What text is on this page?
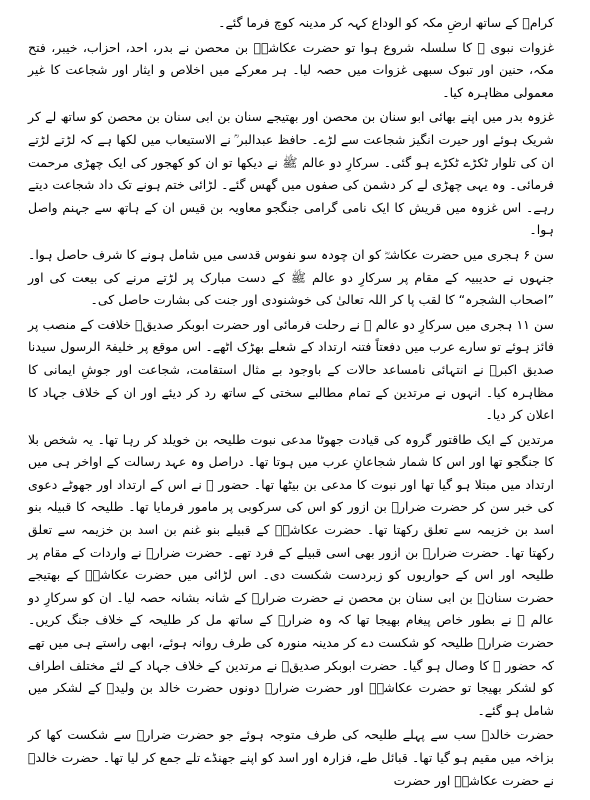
کرامؓ کے ساتھ ارضِ مکہ کو الوداع کہہ کر مدینہ کوچ فرما گئے۔

غزوات نبوی ﷺ کا سلسلہ شروع ہوا تو حضرت عکاشہؓ بن محصن نے بدر، احد، احزاب، خیبر، فتح مکہ، حنین اور تبوک سبھی غزوات میں حصہ لیا۔ ہر معرکے میں اخلاص و ایثار اور شجاعت کا غیر معمولی مظاہرہ کیا۔

غزوہ بدر میں اپنے بھائی ابو سنان بن محصن اور بھتیجے سنان بن ابی سنان بن محصن کو ساتھ لے کر شریک ہوئے اور حیرت انگیز شجاعت سے لڑے۔ حافظ عبدالبر ؒ نے الاستیعاب میں لکھا ہے کہ لڑتے لڑتے ان کی تلوار ٹکڑے ٹکڑے ہو گئی۔ سرکارِ دو عالم ﷺ نے دیکھا تو ان کو کھجور کی ایک چھڑی مرحمت فرمائی۔ وہ یہی چھڑی لے کر دشمن کی صفوں میں گھس گئے۔ لڑائی ختم ہونے تک داد شجاعت دیتے رہے۔ اس غزوہ میں قریش کا ایک نامی گرامی جنگجو معاویہ بن قیس ان کے ہاتھ سے جہنم واصل ہوا۔

سن ۶ ہجری میں حضرت عکاشہؓ کو ان چودہ سو نفوس قدسی میں شامل ہونے کا شرف حاصل ہوا۔ جنہوں نے حدیبیہ کے مقام پر سرکارِ دو عالم ﷺ کے دست مبارک پر لڑتے مرنے کی بیعت کی اور ”اصحاب الشجرہ“ کا لقب پا کر اللہ تعالیٰ کی خوشنودی اور جنت کی بشارت حاصل کی۔

سن ۱۱ ہجری میں سرکارِ دو عالم ﷺ نے رحلت فرمائی اور حضرت ابوبکر صدیقؓ خلافت کے منصب پر فائز ہوئے تو سارے عرب میں دفعتاً فتنہ ارتداد کے شعلے بھڑک اٹھے۔ اس موقع پر خلیفۃ الرسول سیدنا صدیق اکبرؓ نے انتہائی نامساعد حالات کے باوجود بے مثال استقامت، شجاعت اور جوشِ ایمانی کا مظاہرہ کیا۔ انہوں نے مرتدین کے تمام مطالبے سختی کے ساتھ رد کر دیئے اور ان کے خلاف جہاد کا اعلان کر دیا۔

مرتدین کے ایک طاقتور گروہ کی قیادت جھوٹا مدعی نبوت طلیحہ بن خویلد کر رہا تھا۔ یہ شخص بلا کا جنگجو تھا اور اس کا شمار شجاعانِ عرب میں ہوتا تھا۔ دراصل وہ عہد رسالت کے اواخر ہی میں ارتداد میں مبتلا ہو گیا تھا اور نبوت کا مدعی بن بیٹھا تھا۔ حضور ﷺ نے اس کے ارتداد اور جھوٹے دعوی کی خبر سن کر حضرت ضرارؓ بن ازور کو اس کی سرکوبی پر مامور فرمایا تھا۔ طلیحہ کا قبیلہ بنو اسد بن خزیمہ سے تعلق رکھتا تھا۔ حضرت عکاشہؓ کے قبیلے بنو غنم بن اسد بن خزیمہ سے تعلق رکھتا تھا۔ حضرت ضرارؓ بن ازور بھی اسی قبیلے کے فرد تھے۔ حضرت ضرارؓ نے واردات کے مقام پر طلیحہ اور اس کے حواریوں کو زبردست شکست دی۔ اس لڑائی میں حضرت عکاشہؓ کے بھتیجے حضرت سنانؓ بن ابی سنان بن محصن نے حضرت ضرارؓ کے شانہ بشانہ حصہ لیا۔ ان کو سرکارِ دو عالم ﷺ نے بطور خاص پیغام بھیجا تھا کہ وہ ضرارؓ کے ساتھ مل کر طلیحہ کے خلاف جنگ کریں۔ حضرت ضرارؓ طلیحہ کو شکست دے کر مدینہ منورہ کی طرف روانہ ہوئے، ابھی راستے ہی میں تھے کہ حضور ﷺ کا وصال ہو گیا۔ حضرت ابوبکر صدیقؓ نے مرتدین کے خلاف جہاد کے لئے مختلف اطراف کو لشکر بھیجا تو حضرت عکاشہؓ اور حضرت ضرارؓ دونوں حضرت خالد بن ولیدؓ کے لشکر میں شامل ہو گئے۔

حضرت خالدؓ سب سے پہلے طلیحہ کی طرف متوجہ ہوئے جو حضرت ضرارؓ سے شکست کھا کر بزاخہ میں مقیم ہو گیا تھا۔ قبائل طے، فزارہ اور اسد کو اپنے جھنڈے تلے جمع کر لیا تھا۔ حضرت خالدؓ نے حضرت عکاشہؓ اور حضرت
